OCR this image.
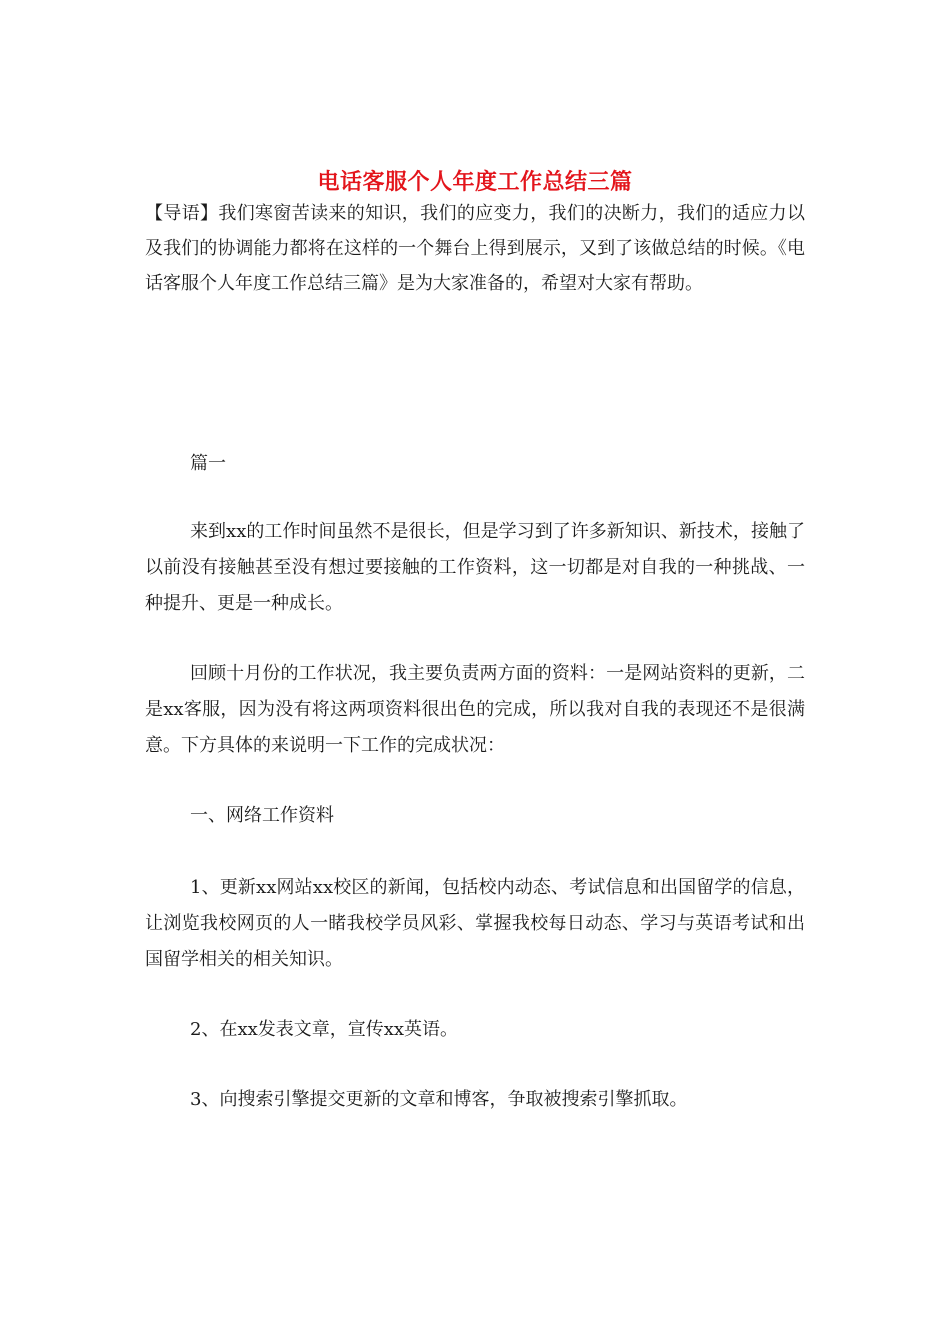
电话客服个人年度工作总结三篇

【导语】我们寒窗苦读来的知识，我们的应变力，我们的决断力，我们的适应力以及我们的协调能力都将在这样的一个舞台上得到展示，又到了该做总结的时候。《电话客服个人年度工作总结三篇》是为大家准备的，希望对大家有帮助。

篇一

来到xx的工作时间虽然不是很长，但是学习到了许多新知识、新技术，接触了以前没有接触甚至没有想过要接触的工作资料，这一切都是对自我的一种挑战、一种提升、更是一种成长。

回顾十月份的工作状况，我主要负责两方面的资料：一是网站资料的更新，二是xx客服，因为没有将这两项资料很出色的完成，所以我对自我的表现还不是很满意。下方具体的来说明一下工作的完成状况：

一、网络工作资料

1、更新xx网站xx校区的新闻，包括校内动态、考试信息和出国留学的信息，让浏览我校网页的人一睹我校学员风彩、掌握我校每日动态、学习与英语考试和出国留学相关的相关知识。

2、在xx发表文章，宣传xx英语。

3、向搜索引擎提交更新的文章和博客，争取被搜索引擎抓取。
